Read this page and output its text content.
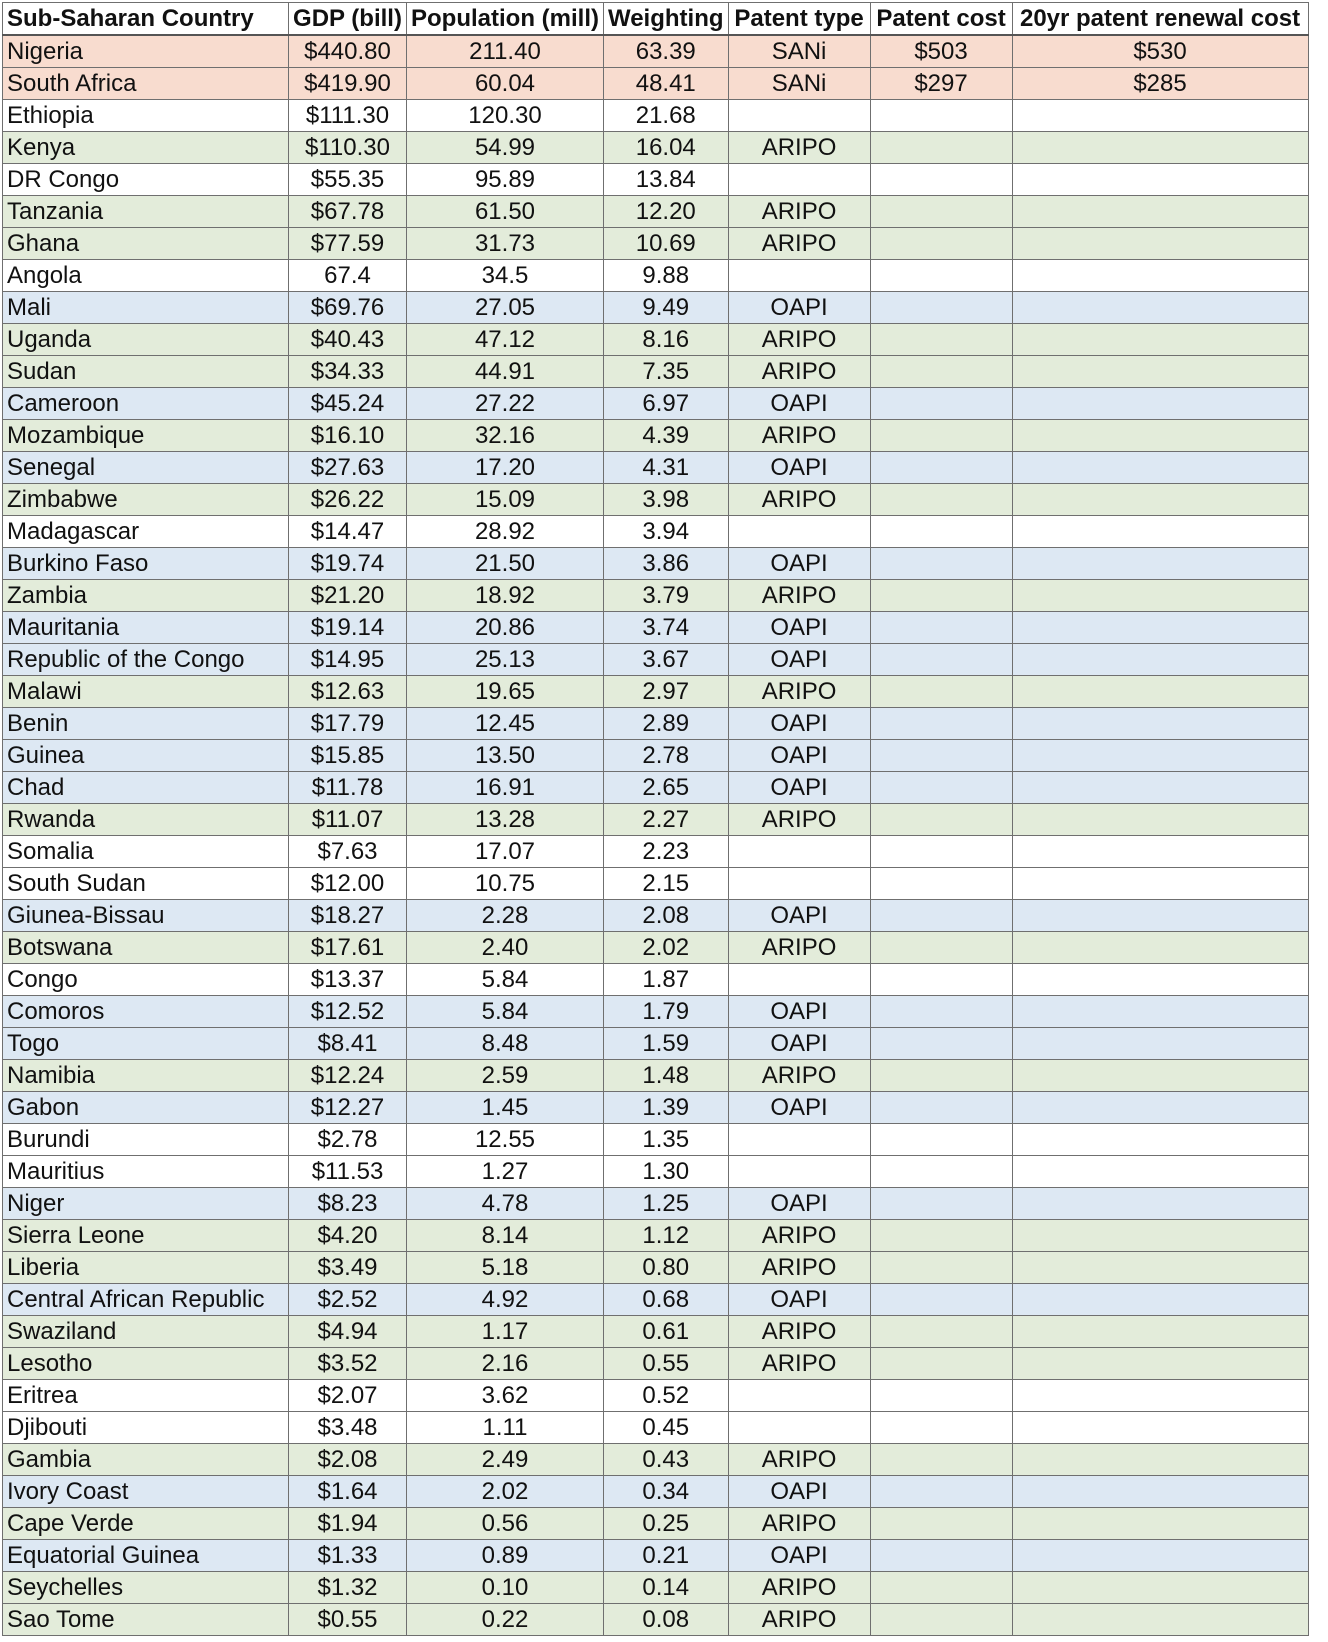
Sub-Saharan Country	GDP (bill)	Population (mill)	Weighting	Patent type	Patent cost	20yr patent renewal cost
Nigeria	$440.80	211.40	63.39	SANi	$503	$530
South Africa	$419.90	60.04	48.41	SANi	$297	$285
Ethiopia	$111.30	120.30	21.68			
Kenya	$110.30	54.99	16.04	ARIPO		
DR Congo	$55.35	95.89	13.84			
Tanzania	$67.78	61.50	12.20	ARIPO		
Ghana	$77.59	31.73	10.69	ARIPO		
Angola	67.4	34.5	9.88			
Mali	$69.76	27.05	9.49	OAPI		
Uganda	$40.43	47.12	8.16	ARIPO		
Sudan	$34.33	44.91	7.35	ARIPO		
Cameroon	$45.24	27.22	6.97	OAPI		
Mozambique	$16.10	32.16	4.39	ARIPO		
Senegal	$27.63	17.20	4.31	OAPI		
Zimbabwe	$26.22	15.09	3.98	ARIPO		
Madagascar	$14.47	28.92	3.94			
Burkino Faso	$19.74	21.50	3.86	OAPI		
Zambia	$21.20	18.92	3.79	ARIPO		
Mauritania	$19.14	20.86	3.74	OAPI		
Republic of the Congo	$14.95	25.13	3.67	OAPI		
Malawi	$12.63	19.65	2.97	ARIPO		
Benin	$17.79	12.45	2.89	OAPI		
Guinea	$15.85	13.50	2.78	OAPI		
Chad	$11.78	16.91	2.65	OAPI		
Rwanda	$11.07	13.28	2.27	ARIPO		
Somalia	$7.63	17.07	2.23			
South Sudan	$12.00	10.75	2.15			
Giunea-Bissau	$18.27	2.28	2.08	OAPI		
Botswana	$17.61	2.40	2.02	ARIPO		
Congo	$13.37	5.84	1.87			
Comoros	$12.52	5.84	1.79	OAPI		
Togo	$8.41	8.48	1.59	OAPI		
Namibia	$12.24	2.59	1.48	ARIPO		
Gabon	$12.27	1.45	1.39	OAPI		
Burundi	$2.78	12.55	1.35			
Mauritius	$11.53	1.27	1.30			
Niger	$8.23	4.78	1.25	OAPI		
Sierra Leone	$4.20	8.14	1.12	ARIPO		
Liberia	$3.49	5.18	0.80	ARIPO		
Central African Republic	$2.52	4.92	0.68	OAPI		
Swaziland	$4.94	1.17	0.61	ARIPO		
Lesotho	$3.52	2.16	0.55	ARIPO		
Eritrea	$2.07	3.62	0.52			
Djibouti	$3.48	1.11	0.45			
Gambia	$2.08	2.49	0.43	ARIPO		
Ivory Coast	$1.64	2.02	0.34	OAPI		
Cape Verde	$1.94	0.56	0.25	ARIPO		
Equatorial Guinea	$1.33	0.89	0.21	OAPI		
Seychelles	$1.32	0.10	0.14	ARIPO		
Sao Tome	$0.55	0.22	0.08	ARIPO		
